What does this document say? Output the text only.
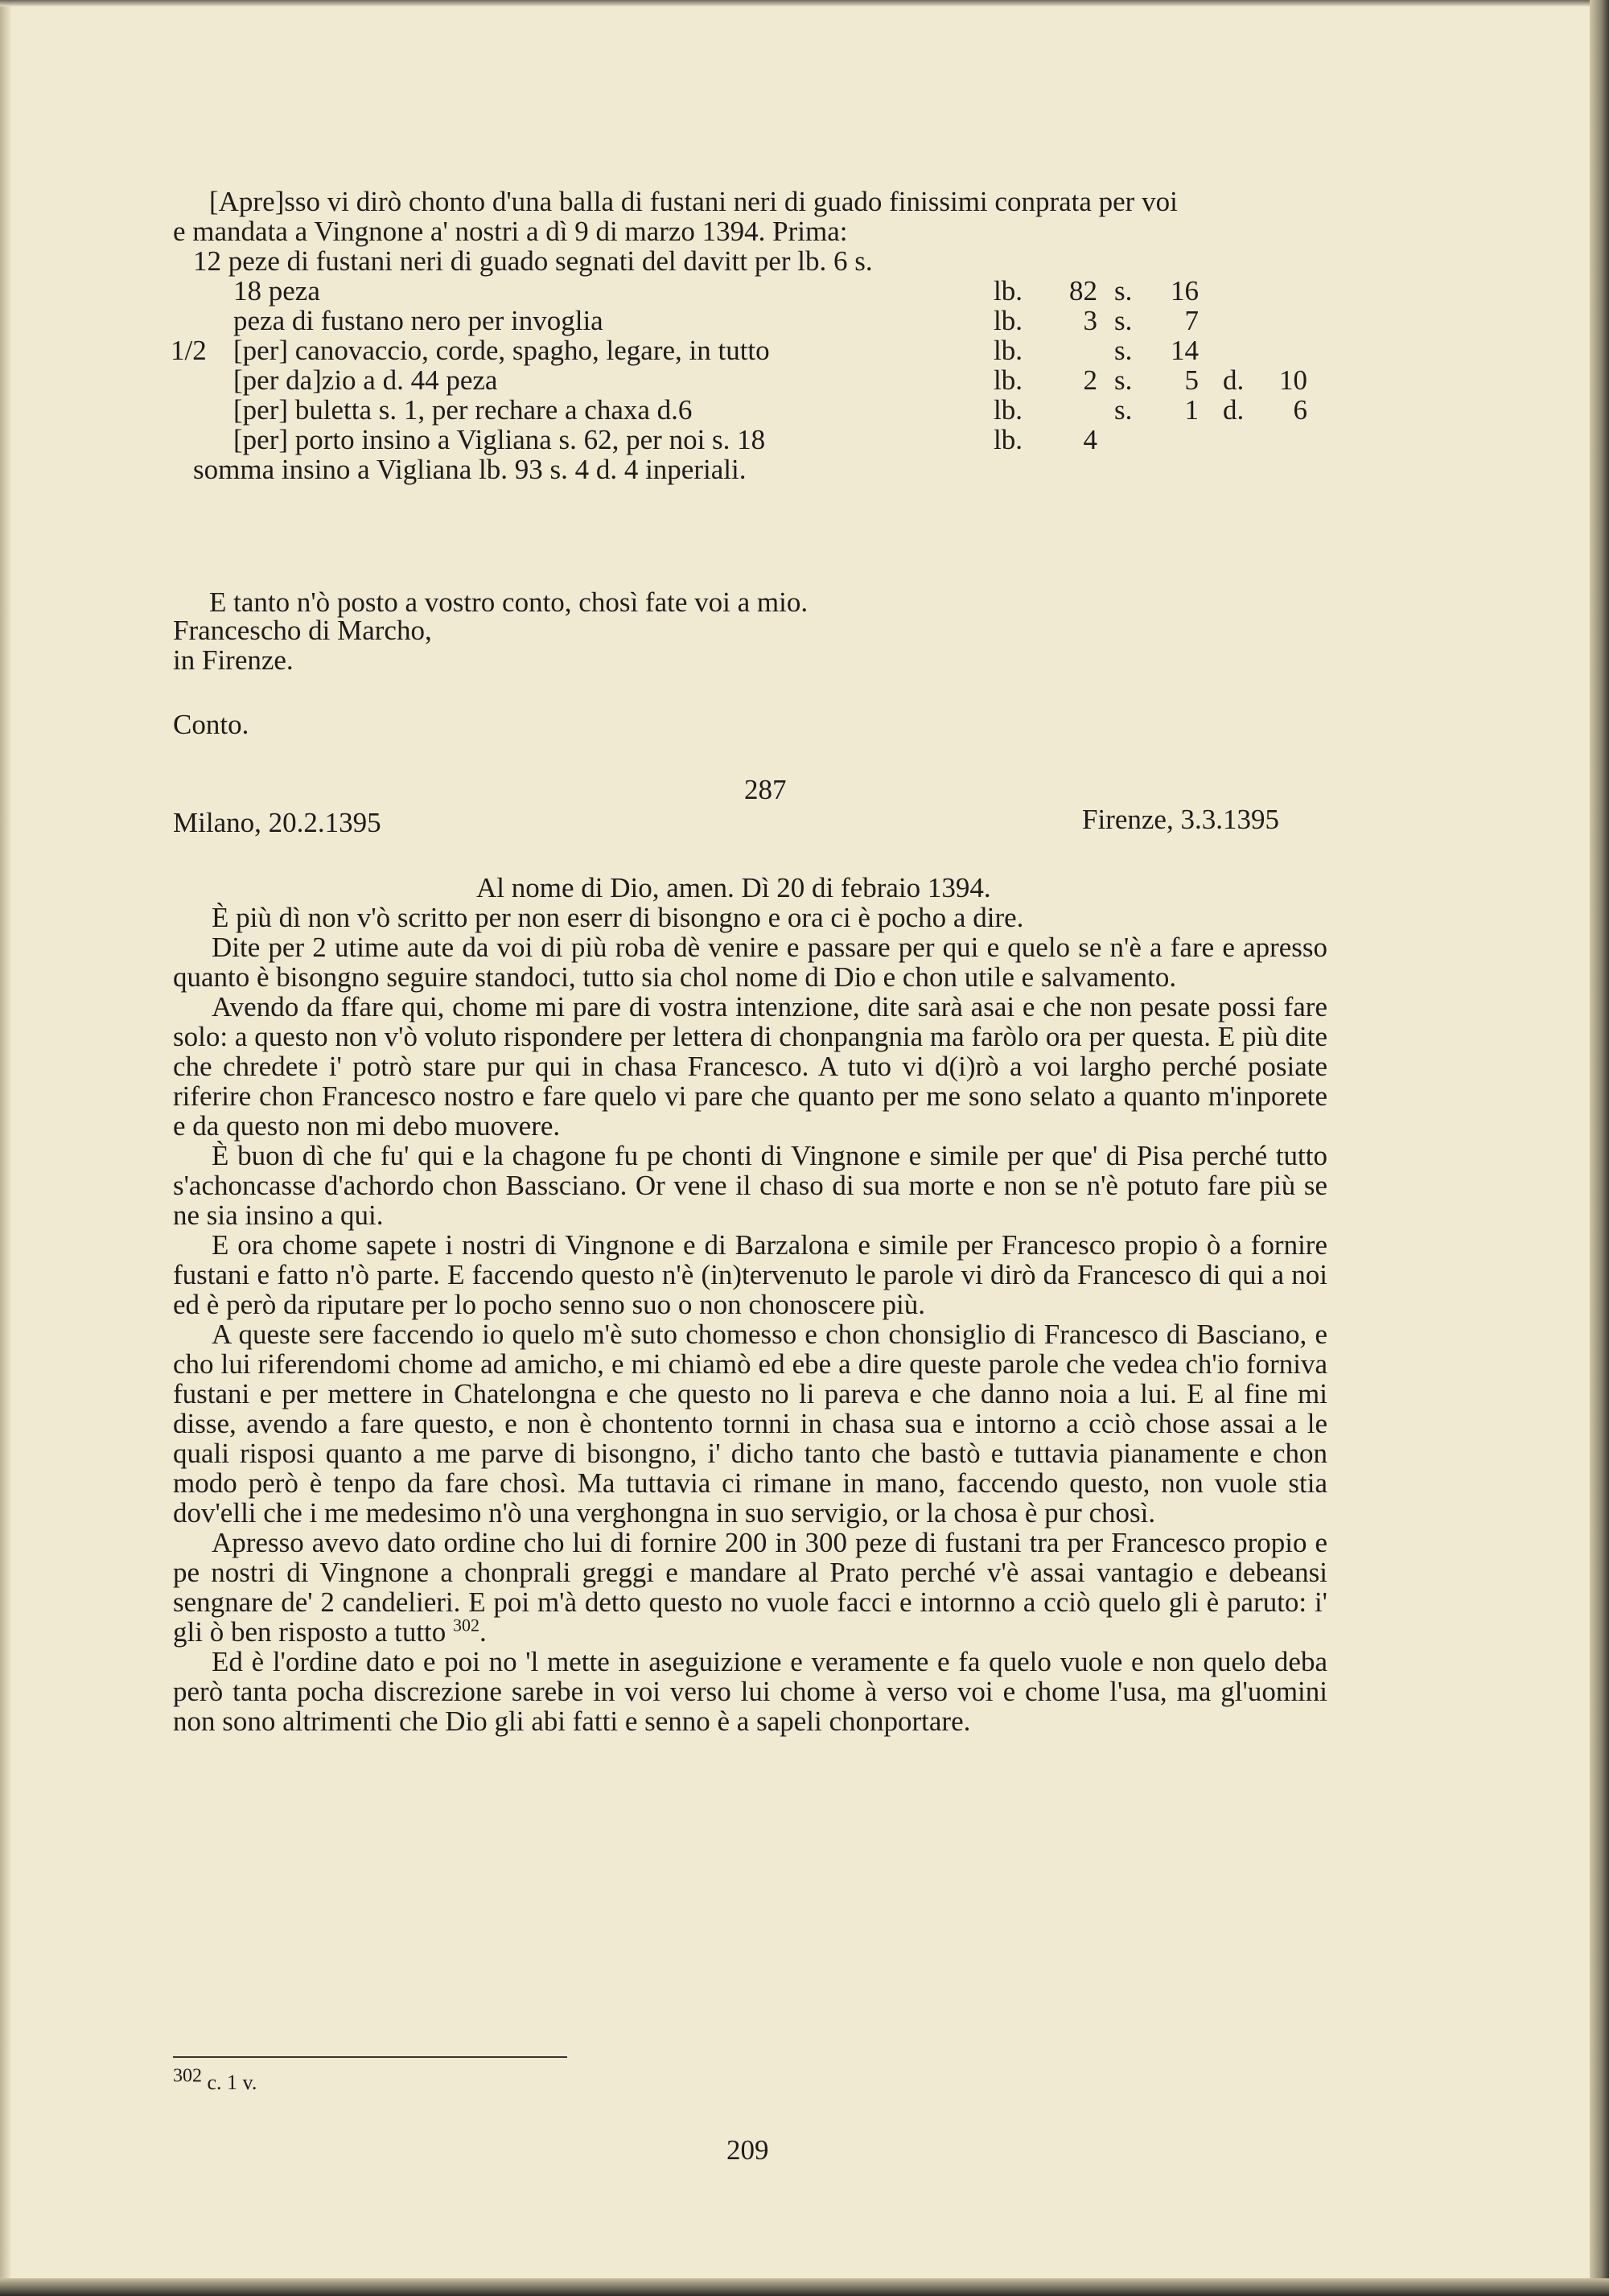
[Apre]sso vi dirò chonto d'una balla di fustani neri di guado finissimi conprata per voi
e mandata a Vingnone a' nostri a dì 9 di marzo 1394. Prima:
12 peze di fustani neri di guado segnati del davitt per lb. 6 s.
18 peza	lb.	82 s.	16
peza di fustano nero per invoglia	lb.	3 s.	7
1/2 [per] canovaccio, corde, spagho, legare, in tutto	lb.	s.	14
[per da]zio a d. 44 peza	lb.	2 s.	5 d.	10
[per] buletta s. 1, per rechare a chaxa d.6	lb.	s.	1 d.	6
[per] porto insino a Vigliana s. 62, per noi s. 18	lb.	4
somma insino a Vigliana lb. 93 s. 4 d. 4 inperiali.
E tanto n'ò posto a vostro conto, chosì fate voi a mio.
Francescho di Marcho,
in Firenze.
Conto.
287
Milano, 20.2.1395	Firenze, 3.3.1395
Al nome di Dio, amen. Dì 20 di febraio 1394.

È più dì non v'ò scritto per non eserr di bisongno e ora ci è pocho a dire.

Dite per 2 utime aute da voi di più roba dè venire e passare per qui e quelo se n'è a fare e apresso quanto è bisongno seguire standoci, tutto sia chol nome di Dio e chon utile e salvamento.

Avendo da ffare qui, chome mi pare di vostra intenzione, dite sarà asai e che non pesate possi fare solo: a questo non v'ò voluto rispondere per lettera di chonpangnia ma faròlo ora per questa. E più dite che chredete i' potrò stare pur qui in chasa Francesco. A tuto vi d(i)rò a voi largho perché posiate riferire chon Francesco nostro e fare quelo vi pare che quanto per me sono selato a quanto m'inporete e da questo non mi debo muovere.

È buon dì che fu' qui e la chagone fu pe chonti di Vingnone e simile per que' di Pisa perché tutto s'achoncasse d'achordo chon Bassciano. Or vene il chaso di sua morte e non se n'è potuto fare più se ne sia insino a qui.

E ora chome sapete i nostri di Vingnone e di Barzalona e simile per Francesco propio ò a fornire fustani e fatto n'ò parte. E faccendo questo n'è (in)tervenuto le parole vi dirò da Francesco di qui a noi ed è però da riputare per lo pocho senno suo o non chonoscere più.

A queste sere faccendo io quelo m'è suto chomesso e chon chonsiglio di Francesco di Basciano, e cho lui riferendomi chome ad amicho, e mi chiamò ed ebe a dire queste parole che vedea ch'io forniva fustani e per mettere in Chatelongna e che questo no li pareva e che danno noia a lui. E al fine mi disse, avendo a fare questo, e non è chontento tornni in chasa sua e intorno a cciò chose assai a le quali risposi quanto a me parve di bisongno, i' dicho tanto che bastò e tuttavia pianamente e chon modo però è tenpo da fare chosì. Ma tuttavia ci rimane in mano, faccendo questo, non vuole stia dov'elli che i me medesimo n'ò una verghongna in suo servigio, or la chosa è pur chosì.

Apresso avevo dato ordine cho lui di fornire 200 in 300 peze di fustani tra per Francesco propio e pe nostri di Vingnone a chonprali greggi e mandare al Prato perché v'è assai vantagio e debeansi sengnare de' 2 candelieri. E poi m'à detto questo no vuole facci e intornno a cciò quelo gli è paruto: i' gli ò ben risposto a tutto $^{302}$.

Ed è l'ordine dato e poi no 'l mette in aseguizione e veramente e fa quelo vuole e non quelo deba però tanta pocha discrezione sarebe in voi verso lui chome à verso voi e chome l'usa, ma gl'uomini non sono altrimenti che Dio gli abi fatti e senno è a sapeli chonportare.

$^{302}$ c. 1 v.
209
